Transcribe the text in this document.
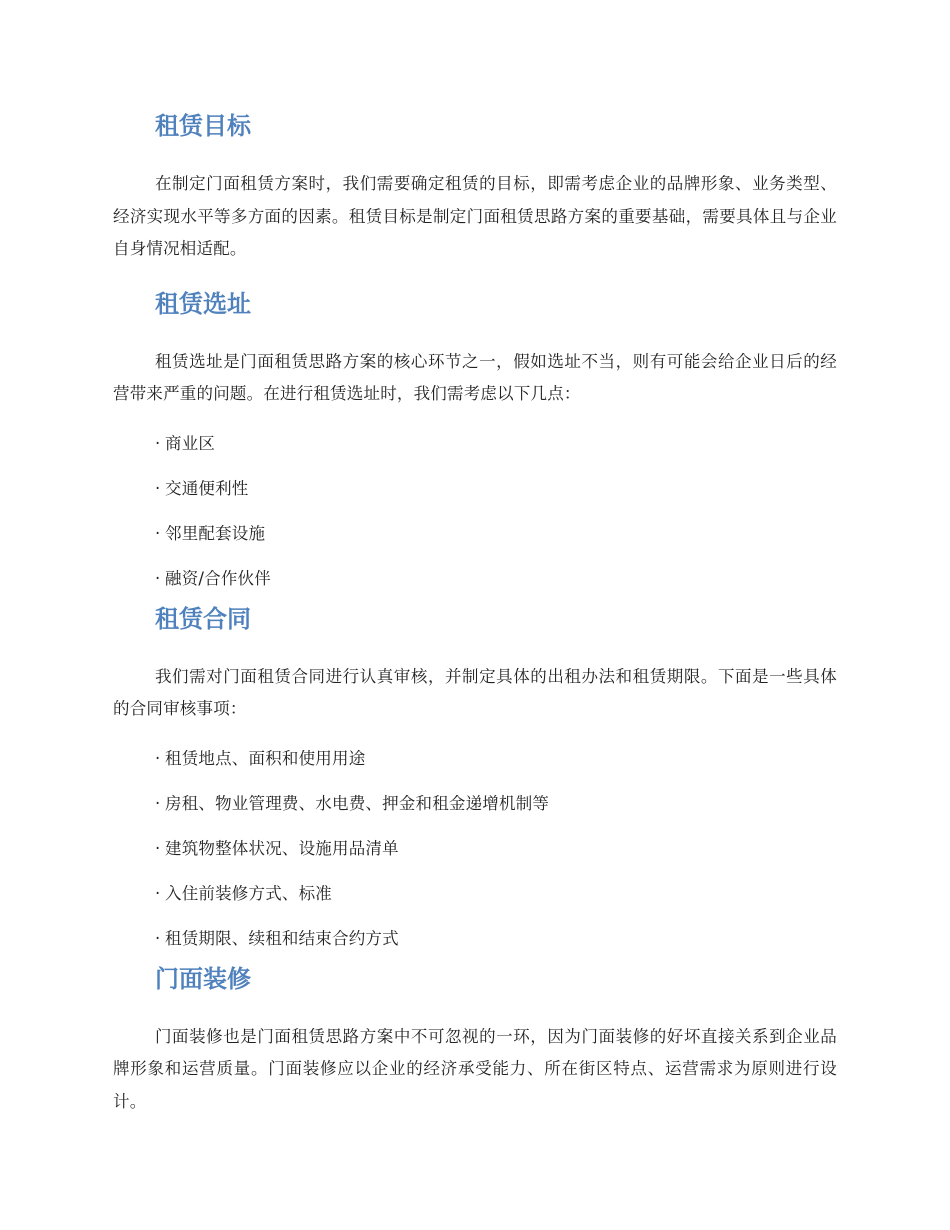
租赁目标

在制定门面租赁方案时，我们需要确定租赁的目标，即需考虑企业的品牌形象、业务类型、经济实现水平等多方面的因素。租赁目标是制定门面租赁思路方案的重要基础，需要具体且与企业自身情况相适配。

租赁选址

租赁选址是门面租赁思路方案的核心环节之一，假如选址不当，则有可能会给企业日后的经营带来严重的问题。在进行租赁选址时，我们需考虑以下几点：

· 商业区
· 交通便利性
· 邻里配套设施
· 融资/合作伙伴
租赁合同

我们需对门面租赁合同进行认真审核，并制定具体的出租办法和租赁期限。下面是一些具体的合同审核事项：

· 租赁地点、面积和使用用途
· 房租、物业管理费、水电费、押金和租金递增机制等
· 建筑物整体状况、设施用品清单
· 入住前装修方式、标准
· 租赁期限、续租和结束合约方式
门面装修

门面装修也是门面租赁思路方案中不可忽视的一环，因为门面装修的好坏直接关系到企业品牌形象和运营质量。门面装修应以企业的经济承受能力、所在街区特点、运营需求为原则进行设计。
